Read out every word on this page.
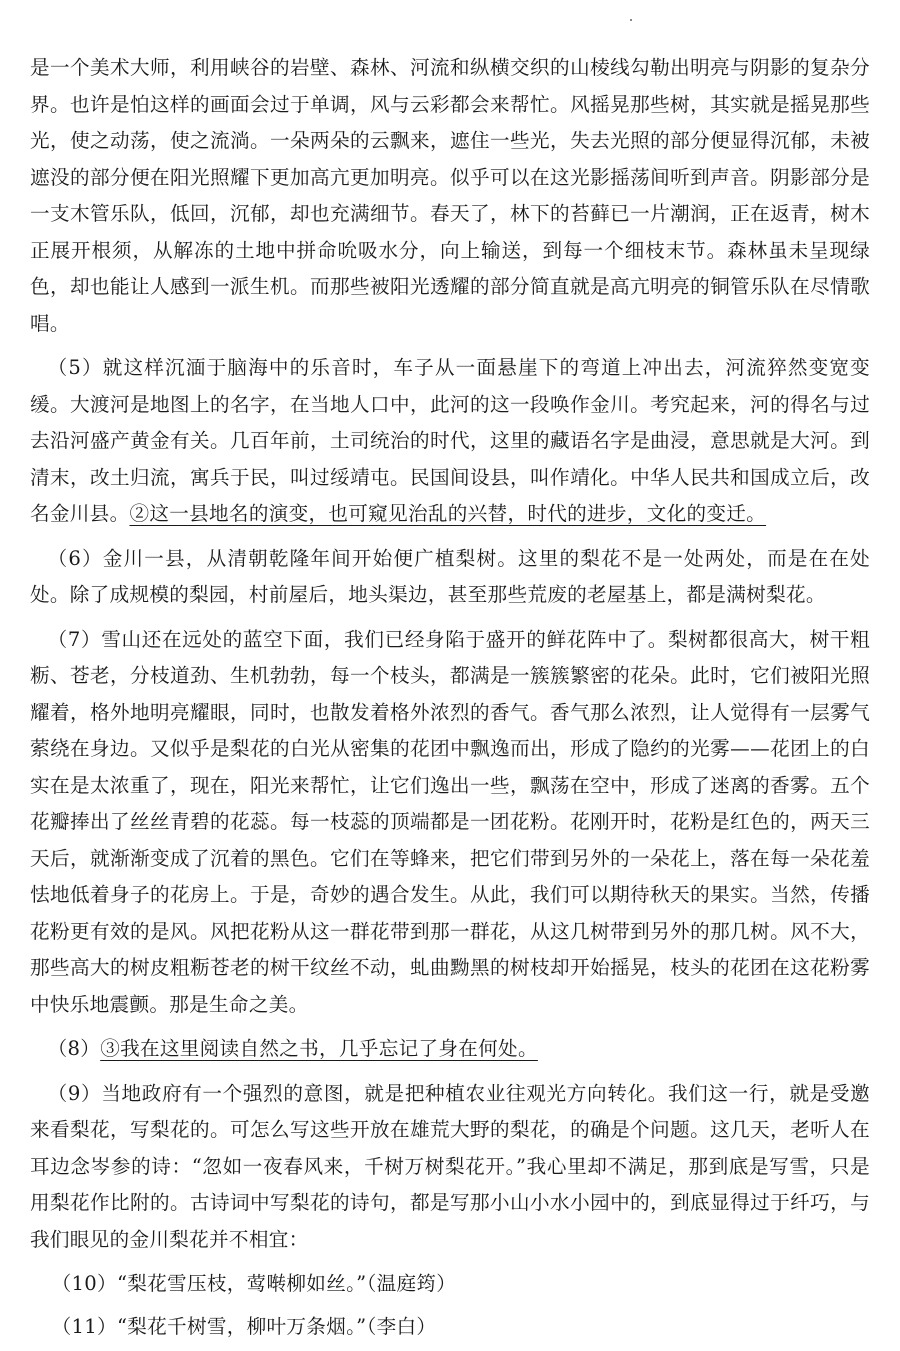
是一个美术大师，利用峡谷的岩壁、森林、河流和纵横交织的山棱线勾勒出明亮与阴影的复杂分界。也许是怕这样的画面会过于单调，风与云彩都会来帮忙。风摇晃那些树，其实就是摇晃那些光，使之动荡，使之流淌。一朵两朵的云飘来，遮住一些光，失去光照的部分便显得沉郁，未被遮没的部分便在阳光照耀下更加高亢更加明亮。似乎可以在这光影摇荡间听到声音。阴影部分是一支木管乐队，低回，沉郁，却也充满细节。春天了，林下的苔藓已一片潮润，正在返青，树木正展开根须，从解冻的土地中拼命吮吸水分，向上输送，到每一个细枝末节。森林虽未呈现绿色，却也能让人感到一派生机。而那些被阳光透耀的部分简直就是高亢明亮的铜管乐队在尽情歌唱。

（5）就这样沉湎于脑海中的乐音时，车子从一面悬崖下的弯道上冲出去，河流猝然变宽变缓。大渡河是地图上的名字，在当地人口中，此河的这一段唤作金川。考究起来，河的得名与过去沿河盛产黄金有关。几百年前，土司统治的时代，这里的藏语名字是曲浸，意思就是大河。到清末，改土归流，寓兵于民，叫过绥靖屯。民国间设县，叫作靖化。中华人民共和国成立后，改名金川县。②这一县地名的演变，也可窥见治乱的兴替，时代的进步，文化的变迁。

（6）金川一县，从清朝乾隆年间开始便广植梨树。这里的梨花不是一处两处，而是在在处处。除了成规模的梨园，村前屋后，地头渠边，甚至那些荒废的老屋基上，都是满树梨花。

（7）雪山还在远处的蓝空下面，我们已经身陷于盛开的鲜花阵中了。梨树都很高大，树干粗粝、苍老，分枝道劲、生机勃勃，每一个枝头，都满是一簇簇繁密的花朵。此时，它们被阳光照耀着，格外地明亮耀眼，同时，也散发着格外浓烈的香气。香气那么浓烈，让人觉得有一层雾气萦绕在身边。又似乎是梨花的白光从密集的花团中飘逸而出，形成了隐约的光雾——花团上的白实在是太浓重了，现在，阳光来帮忙，让它们逸出一些，飘荡在空中，形成了迷离的香雾。五个花瓣捧出了丝丝青碧的花蕊。每一枝蕊的顶端都是一团花粉。花刚开时，花粉是红色的，两天三天后，就渐渐变成了沉着的黑色。它们在等蜂来，把它们带到另外的一朵花上，落在每一朵花羞怯地低着身子的花房上。于是，奇妙的遇合发生。从此，我们可以期待秋天的果实。当然，传播花粉更有效的是风。风把花粉从这一群花带到那一群花，从这几树带到另外的那几树。风不大，那些高大的树皮粗粝苍老的树干纹丝不动，虬曲黝黑的树枝却开始摇晃，枝头的花团在这花粉雾中快乐地震颤。那是生命之美。

（8）③我在这里阅读自然之书，几乎忘记了身在何处。

（9）当地政府有一个强烈的意图，就是把种植农业往观光方向转化。我们这一行，就是受邀来看梨花，写梨花的。可怎么写这些开放在雄荒大野的梨花，的确是个问题。这几天，老听人在耳边念岑参的诗：“忽如一夜春风来，千树万树梨花开。”我心里却不满足，那到底是写雪，只是用梨花作比附的。古诗词中写梨花的诗句，都是写那小山小水小园中的，到底显得过于纤巧，与我们眼见的金川梨花并不相宜：

（10）“梨花雪压枝，莺啭柳如丝。”（温庭筠）

（11）“梨花千树雪，柳叶万条烟。”（李白）
